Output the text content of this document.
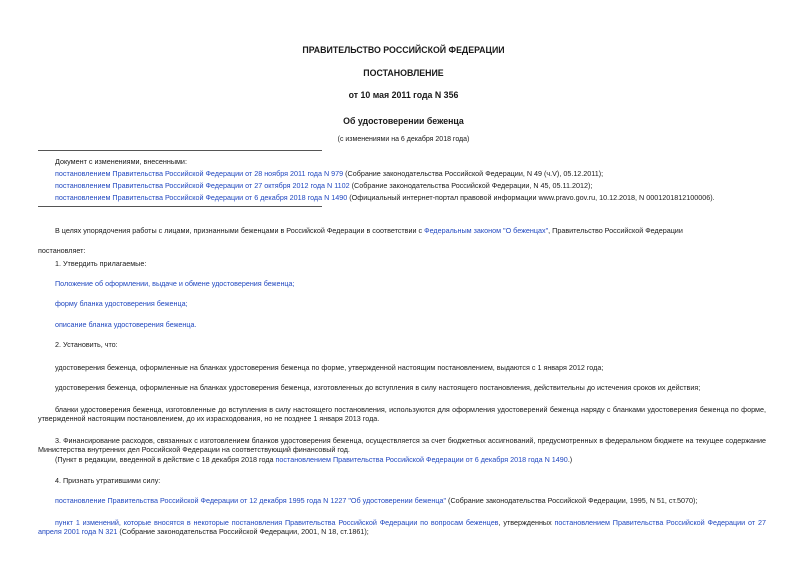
ПРАВИТЕЛЬСТВО РОССИЙСКОЙ ФЕДЕРАЦИИ
ПОСТАНОВЛЕНИЕ
от 10 мая 2011 года N 356
Об удостоверении беженца
(с изменениями на 6 декабря 2018 года)
Документ с изменениями, внесенными:
постановлением Правительства Российской Федерации от 28 ноября 2011 года N 979 (Собрание законодательства Российской Федерации, N 49 (ч.V), 05.12.2011);
постановлением Правительства Российской Федерации от 27 октября 2012 года N 1102 (Собрание законодательства Российской Федерации, N 45, 05.11.2012);
постановлением Правительства Российской Федерации от 6 декабря 2018 года N 1490 (Официальный интернет-портал правовой информации www.pravo.gov.ru, 10.12.2018, N 0001201812100006).
В целях упорядочения работы с лицами, признанными беженцами в Российской Федерации в соответствии с Федеральным законом "О беженцах", Правительство Российской Федерации
постановляет:
1. Утвердить прилагаемые:
Положение об оформлении, выдаче и обмене удостоверения беженца;
форму бланка удостоверения беженца;
описание бланка удостоверения беженца.
2. Установить, что:
удостоверения беженца, оформленные на бланках удостоверения беженца по форме, утвержденной настоящим постановлением, выдаются с 1 января 2012 года;
удостоверения беженца, оформленные на бланках удостоверения беженца, изготовленных до вступления в силу настоящего постановления, действительны до истечения сроков их действия;
бланки удостоверения беженца, изготовленные до вступления в силу настоящего постановления, используются для оформления удостоверений беженца наряду с бланками удостоверения беженца по форме,
утвержденной настоящим постановлением, до их израсходования, но не позднее 1 января 2013 года.
3. Финансирование расходов, связанных с изготовлением бланков удостоверения беженца, осуществляется за счет бюджетных ассигнований, предусмотренных в федеральном бюджете на текущее содержание
Министерства внутренних дел Российской Федерации на соответствующий финансовый год.
(Пункт в редакции, введенной в действие с 18 декабря 2018 года постановлением Правительства Российской Федерации от 6 декабря 2018 года N 1490.)
4. Признать утратившими силу:
постановление Правительства Российской Федерации от 12 декабря 1995 года N 1227 "Об удостоверении беженца" (Собрание законодательства Российской Федерации, 1995, N 51, ст.5070);
пункт 1 изменений, которые вносятся в некоторые постановления Правительства Российской Федерации по вопросам беженцев, утвержденных постановлением Правительства Российской Федерации от 27
апреля 2001 года N 321 (Собрание законодательства Российской Федерации, 2001, N 18, ст.1861);
